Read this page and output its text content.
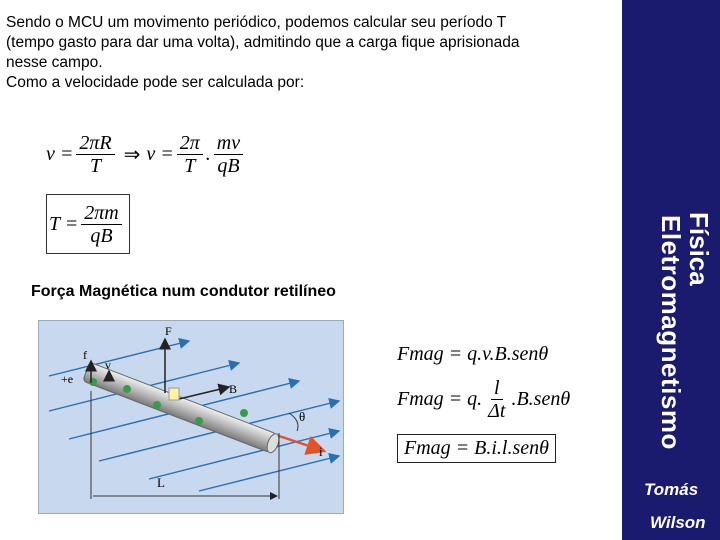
Sendo o MCU um movimento periódico, podemos calcular seu período T
(tempo gasto para dar uma volta), admitindo que a carga fique aprisionada
nesse campo.
Como a velocidade pode ser calculada por:
$v = \frac{2\pi R}{T}$ ⇒ $v = \frac{2\pi}{T}$ . $\frac{mv}{qB}$
$T = \frac{2\pi m}{qB}$
Força Magnética num condutor retilíneo
F
f
v
B
+e
θ
i
L
Fmag = q.v.B.senθ
Fmag = q. $\frac{l}{\Delta t} .B.sen\theta$
Fmag = B.i.l.senθ	Eletromagnetismo
Física
Tomás
Wilson
